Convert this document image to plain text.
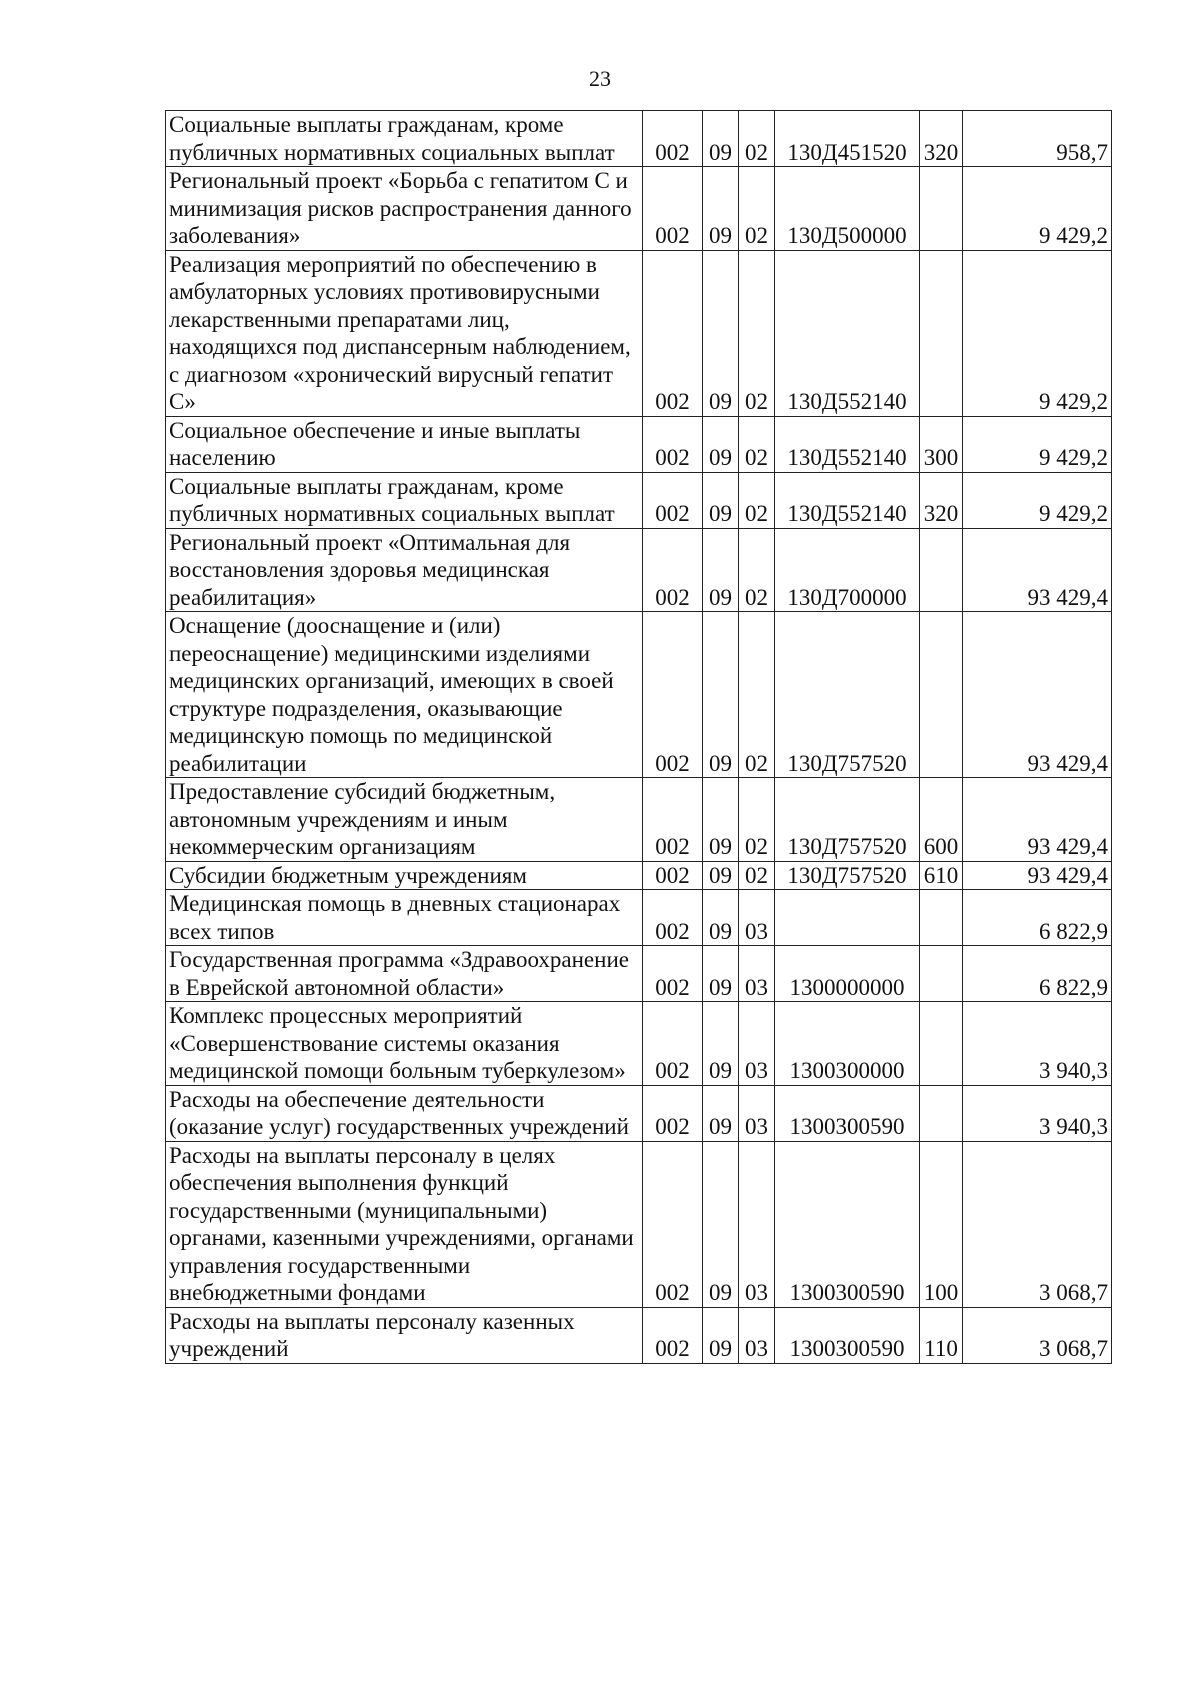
23
Социальные выплаты гражданам, кроме публичных нормативных социальных выплат	002	09	02	130Д451520	320	958,7
Региональный проект «Борьба с гепатитом С и минимизация рисков распространения данного заболевания»	002	09	02	130Д500000		9 429,2
Реализация мероприятий по обеспечению в амбулаторных условиях противовирусными лекарственными препаратами лиц, находящихся под диспансерным наблюдением, с диагнозом «хронический вирусный гепатит С»	002	09	02	130Д552140		9 429,2
Социальное обеспечение и иные выплаты населению	002	09	02	130Д552140	300	9 429,2
Социальные выплаты гражданам, кроме публичных нормативных социальных выплат	002	09	02	130Д552140	320	9 429,2
Региональный проект «Оптимальная для восстановления здоровья медицинская реабилитация»	002	09	02	130Д700000		93 429,4
Оснащение (дооснащение и (или) переоснащение) медицинскими изделиями медицинских организаций, имеющих в своей структуре подразделения, оказывающие медицинскую помощь по медицинской реабилитации	002	09	02	130Д757520		93 429,4
Предоставление субсидий бюджетным, автономным учреждениям и иным некоммерческим организациям	002	09	02	130Д757520	600	93 429,4
Субсидии бюджетным учреждениям	002	09	02	130Д757520	610	93 429,4
Медицинская помощь в дневных стационарах всех типов	002	09	03			6 822,9
Государственная программа «Здравоохранение в Еврейской автономной области»	002	09	03	1300000000		6 822,9
Комплекс процессных мероприятий «Совершенствование системы оказания медицинской помощи больным туберкулезом»	002	09	03	1300300000		3 940,3
Расходы на обеспечение деятельности (оказание услуг) государственных учреждений	002	09	03	1300300590		3 940,3
Расходы на выплаты персоналу в целях обеспечения выполнения функций государственными (муниципальными) органами, казенными учреждениями, органами управления государственными внебюджетными фондами	002	09	03	1300300590	100	3 068,7
Расходы на выплаты персоналу казенных учреждений	002	09	03	1300300590	110	3 068,7
